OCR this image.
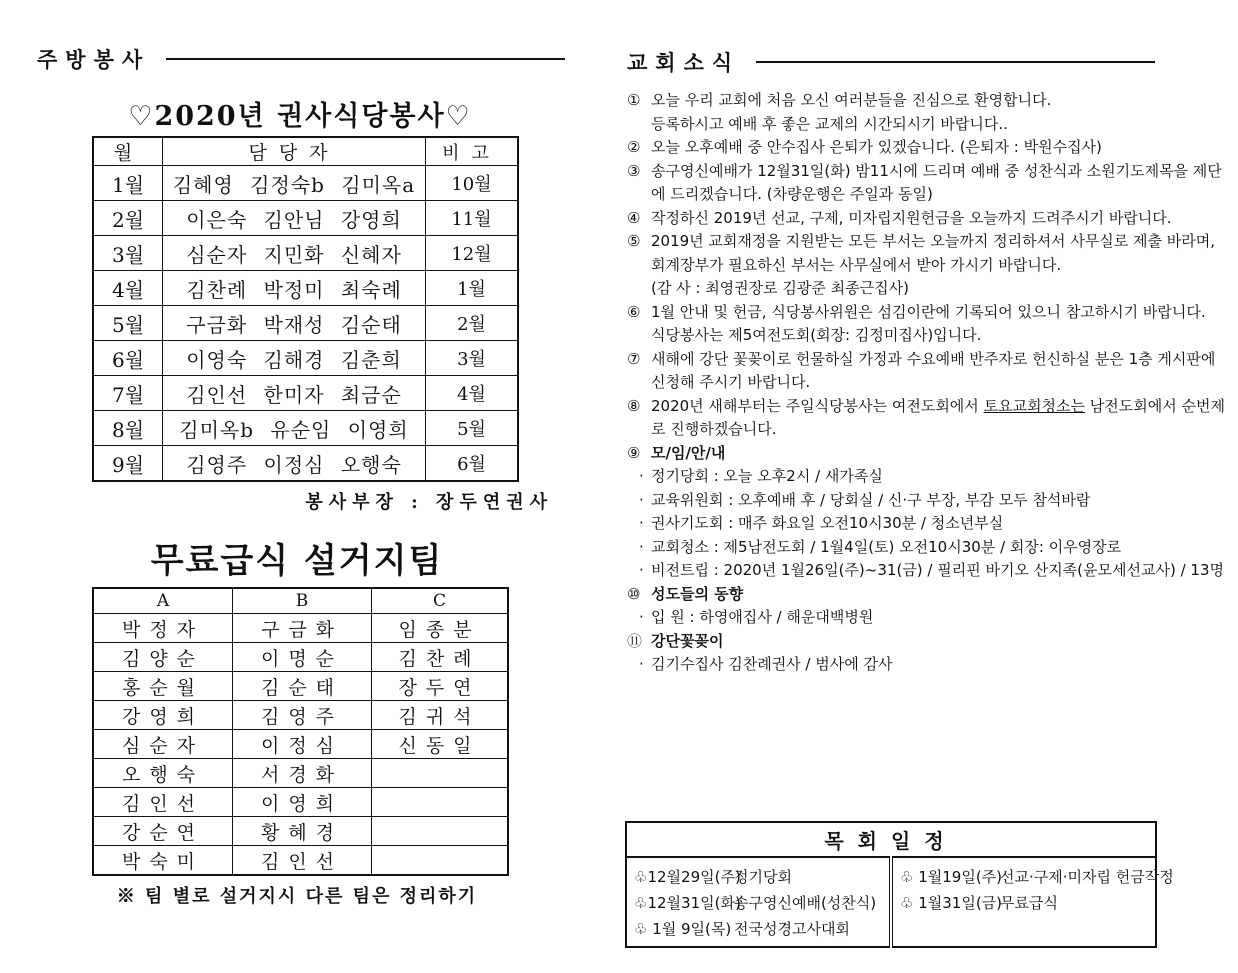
주방봉사
♡2020년 권사식당봉사♡
월	담당자	비고
1월	김혜영 김정숙b 김미옥a	10월
2월	이은숙 김안님 강영희	11월
3월	심순자 지민화 신혜자	12월
4월	김찬례 박정미 최숙례	1월
5월	구금화 박재성 김순태	2월
6월	이영숙 김해경 김춘희	3월
7월	김인선 한미자 최금순	4월
8월	김미옥b 유순임 이영희	5월
9월	김영주 이정심 오행숙	6월
봉사부장 : 장두연권사
무료급식 설거지팀
A	B	C
박정자	구금화	임종분
김양순	이명순	김찬례
홍순월	김순태	장두연
강영희	김영주	김귀석
심순자	이정심	신동일
오행숙	서경화	
김인선	이영희	
강순연	황혜경	
박숙미	김인선	
※ 팀 별로 설거지시 다른 팀은 정리하기
교회소식
① 오늘 우리 교회에 처음 오신 여러분들을 진심으로 환영합니다.
등록하시고 예배 후 좋은 교제의 시간되시기 바랍니다..
② 오늘 오후예배 중 안수집사 은퇴가 있겠습니다. (은퇴자 : 박원수집사)
③ 송구영신예배가 12월31일(화) 밤11시에 드리며 예배 중 성찬식과 소원기도제목을 제단
에 드리겠습니다. (차량운행은 주일과 동일)
④ 작정하신 2019년 선교, 구제, 미자립지원헌금을 오늘까지 드려주시기 바랍니다.
⑤ 2019년 교회재정을 지원받는 모든 부서는 오늘까지 정리하셔서 사무실로 제출 바라며,
회계장부가 필요하신 부서는 사무실에서 받아 가시기 바랍니다.
(감 사 : 최영권장로 김광준 최종근집사)
⑥ 1월 안내 및 헌금, 식당봉사위원은 섬김이란에 기록되어 있으니 참고하시기 바랍니다.
식당봉사는 제5여전도회(회장: 김정미집사)입니다.
⑦ 새해에 강단 꽃꽂이로 헌물하실 가정과 수요예배 반주자로 헌신하실 분은 1층 게시판에
신청해 주시기 바랍니다.
⑧ 2020년 새해부터는 주일식당봉사는 여전도회에서 토요교회청소는 남전도회에서 순번제
로 진행하겠습니다.
⑨ 모/임/안/내
· 정기당회 : 오늘 오후2시 / 새가족실
· 교육위원회 : 오후예배 후 / 당회실 / 신·구 부장, 부감 모두 참석바람
· 권사기도회 : 매주 화요일 오전10시30분 / 청소년부실
· 교회청소 : 제5남전도회 / 1월4일(토) 오전10시30분 / 회장: 이우영장로
· 비전트립 : 2020년 1월26일(주)~31(금) / 필리핀 바기오 산지족(윤모세선교사) / 13명
⑩ 성도들의 동향
· 입 원 : 하영애집사 / 해운대백병원
⑪ 강단꽃꽂이
· 김기수집사 김찬례권사 / 범사에 감사
목회일정

♧12월29일(주)
정기당회
♧12월31일(화)
송구영신예배(성찬식)
♧ 1월 9일(목) 전국성경고사대회

♧ 1월19일(주)
선교·구제·미자립 헌금작정
♧ 1월31일(금)
무료급식
